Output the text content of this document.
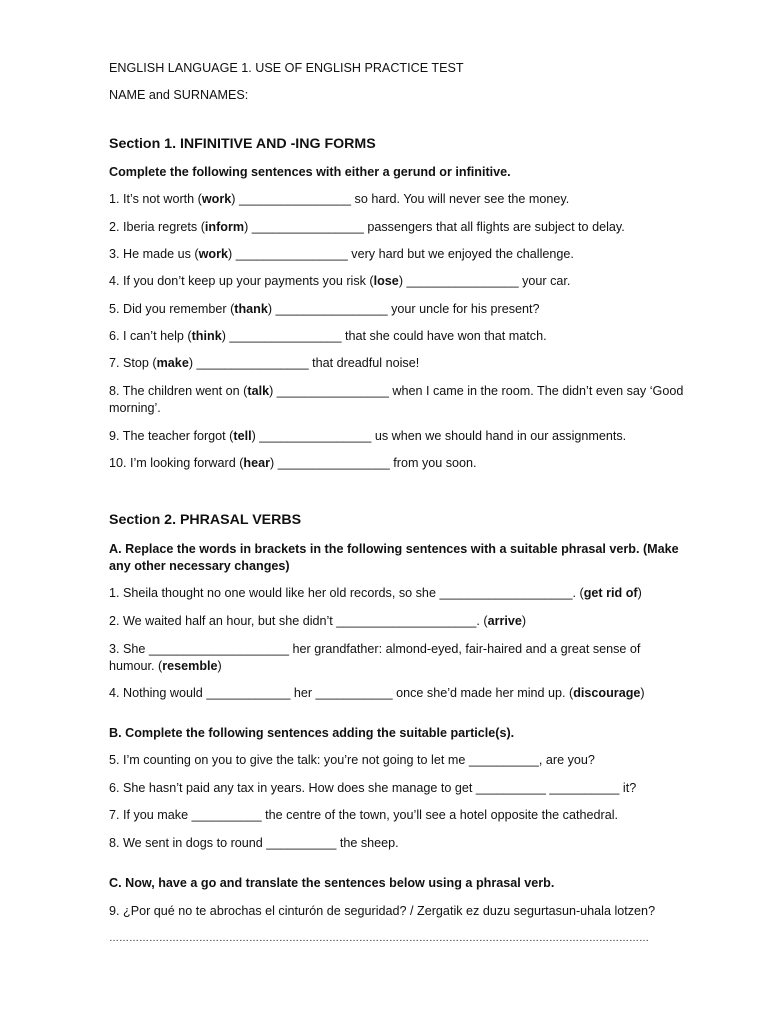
ENGLISH LANGUAGE 1. USE OF ENGLISH PRACTICE TEST
NAME and SURNAMES:
Section 1. INFINITIVE AND -ING FORMS
Complete the following sentences with either a gerund or infinitive.
1. It’s not worth (work) ________________ so hard. You will never see the money.
2. Iberia regrets (inform) ________________ passengers that all flights are subject to delay.
3. He made us (work) ________________ very hard but we enjoyed the challenge.
4. If you don’t keep up your payments you risk (lose) ________________ your car.
5. Did you remember (thank) ________________ your uncle for his present?
6. I can’t help (think) ________________ that she could have won that match.
7. Stop (make) ________________ that dreadful noise!
8. The children went on (talk) ________________ when I came in the room. The didn’t even say ‘Good morning’.
9. The teacher forgot (tell) ________________ us when we should hand in our assignments.
10. I’m looking forward (hear) ________________ from you soon.
Section 2. PHRASAL VERBS
A. Replace the words in brackets in the following sentences with a suitable phrasal verb. (Make any other necessary changes)
1. Sheila thought no one would like her old records, so she ___________________. (get rid of)
2. We waited half an hour, but she didn’t ____________________. (arrive)
3. She ____________________ her grandfather: almond-eyed, fair-haired and a great sense of humour. (resemble)
4. Nothing would ____________ her ___________ once she’d made her mind up. (discourage)
B. Complete the following sentences adding the suitable particle(s).
5. I’m counting on you to give the talk: you’re not going to let me __________, are you?
6. She hasn’t paid any tax in years. How does she manage to get __________ __________ it?
7. If you make __________ the centre of the town, you’ll see a hotel opposite the cathedral.
8. We sent in dogs to round __________ the sheep.
C. Now, have a go and translate the sentences below using a phrasal verb.
9. ¿Por qué no te abrochas el cinturón de seguridad? / Zergatik ez duzu segurtasun-uhala lotzen?
………………………………………………………………………………………………………………………………………………
